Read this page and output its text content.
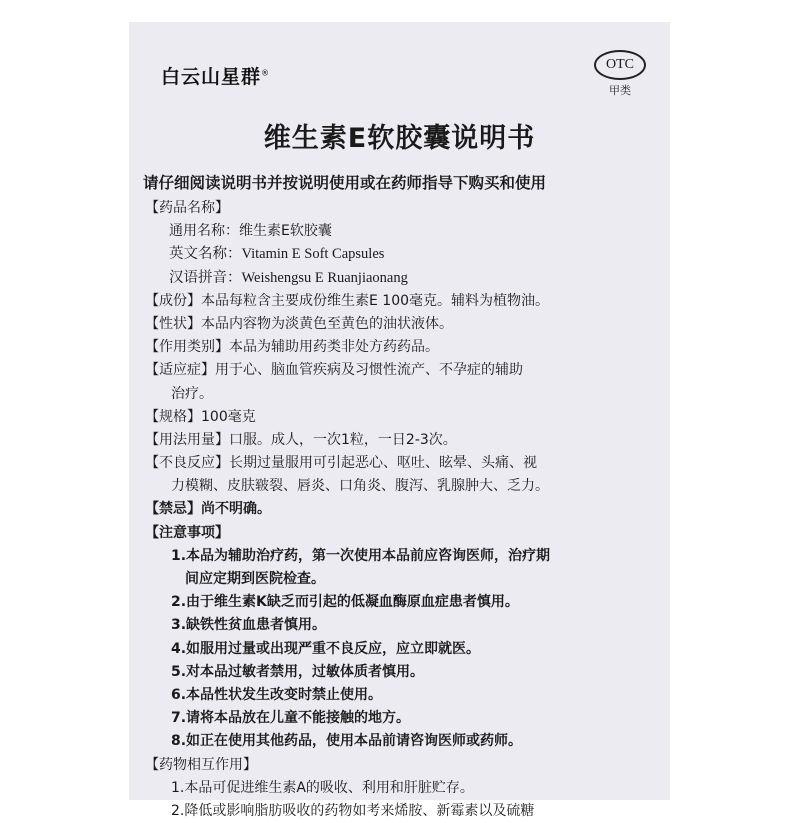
白云山星群®
OTC
甲类
维生素E软胶囊说明书
请仔细阅读说明书并按说明使用或在药师指导下购买和使用
【药品名称】
通用名称：维生素E软胶囊
英文名称：Vitamin E Soft Capsules
汉语拼音：Weishengsu E Ruanjiaonang
【成份】本品每粒含主要成份维生素E 100毫克。辅料为植物油。
【性状】本品内容物为淡黄色至黄色的油状液体。
【作用类别】本品为辅助用药类非处方药药品。
【适应症】用于心、脑血管疾病及习惯性流产、不孕症的辅助
治疗。
【规格】100毫克
【用法用量】口服。成人，一次1粒，一日2-3次。
【不良反应】长期过量服用可引起恶心、呕吐、眩晕、头痛、视
力模糊、皮肤皲裂、唇炎、口角炎、腹泻、乳腺肿大、乏力。
【禁忌】尚不明确。
【注意事项】
1.本品为辅助治疗药，第一次使用本品前应咨询医师，治疗期
间应定期到医院检查。
2.由于维生素K缺乏而引起的低凝血酶原血症患者慎用。
3.缺铁性贫血患者慎用。
4.如服用过量或出现严重不良反应，应立即就医。
5.对本品过敏者禁用，过敏体质者慎用。
6.本品性状发生改变时禁止使用。
7.请将本品放在儿童不能接触的地方。
8.如正在使用其他药品，使用本品前请咨询医师或药师。
【药物相互作用】
1.本品可促进维生素A的吸收、利用和肝脏贮存。
2.降低或影响脂肪吸收的药物如考来烯胺、新霉素以及硫糖
